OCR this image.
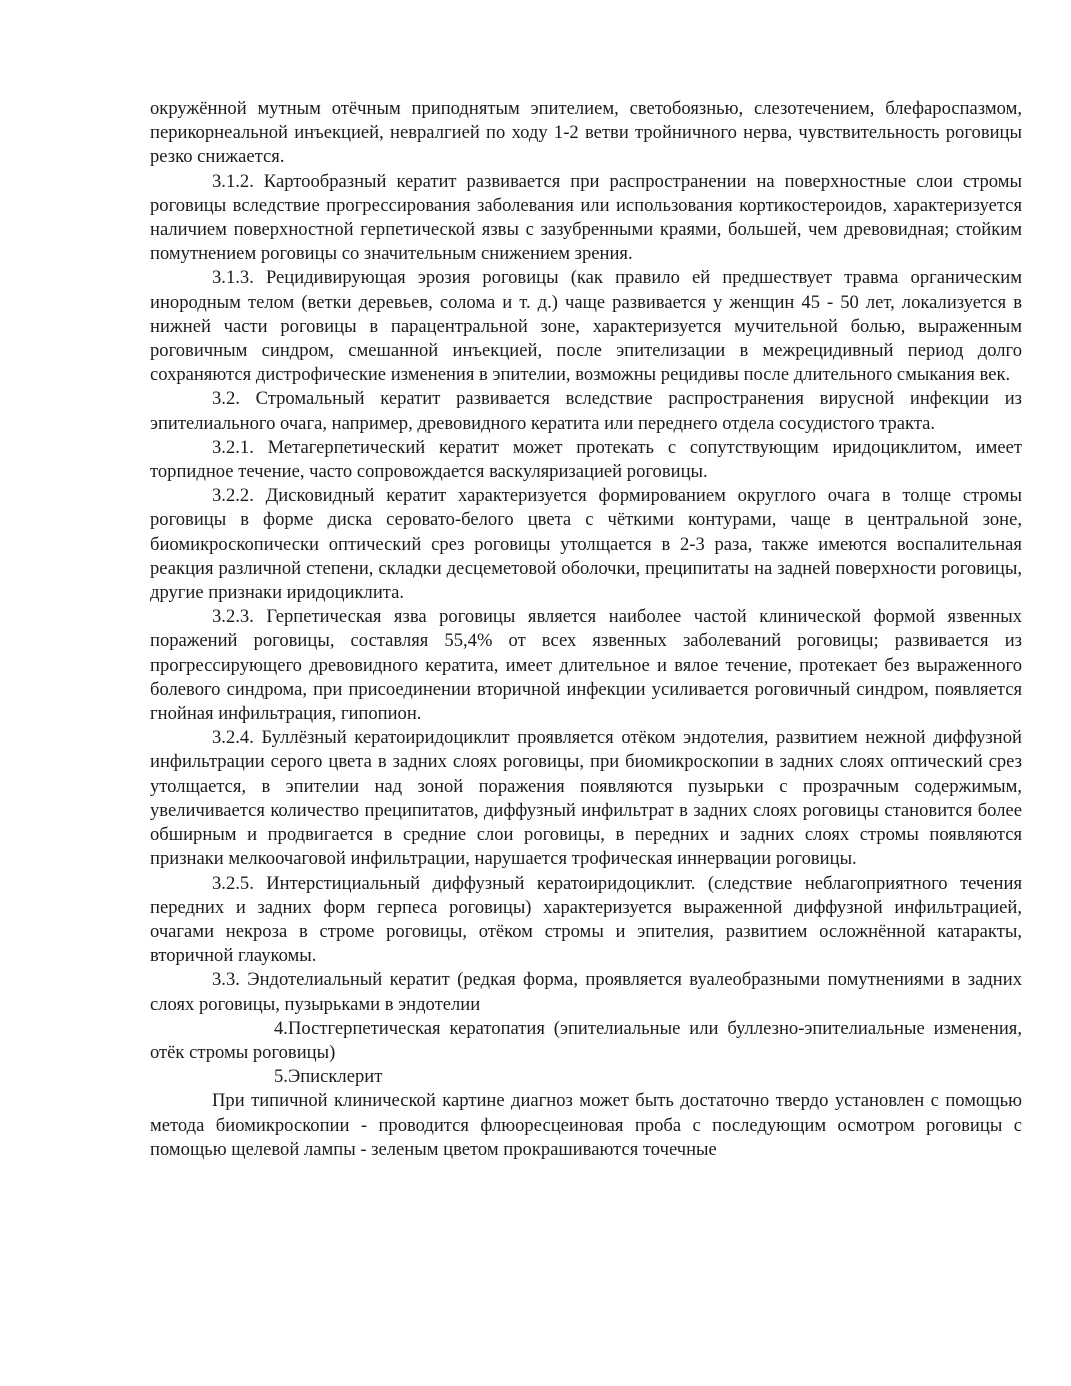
окружённой мутным отёчным приподнятым эпителием, светобоязнью, слезотечением, блефароспазмом, перикорнеальной инъекцией, невралгией по ходу 1-2 ветви тройничного нерва, чувствительность роговицы резко снижается.

3.1.2. Картообразный кератит развивается при распространении на поверхностные слои стромы роговицы вследствие прогрессирования заболевания или использования кортикостероидов, характеризуется наличием поверхностной герпетической язвы с зазубренными краями, большей, чем древовидная; стойким помутнением роговицы со значительным снижением зрения.

3.1.3. Рецидивирующая эрозия роговицы (как правило ей предшествует травма органическим инородным телом (ветки деревьев, солома и т. д.) чаще развивается у женщин 45 - 50 лет, локализуется в нижней части роговицы в парацентральной зоне, характеризуется мучительной болью, выраженным роговичным синдром, смешанной инъекцией, после эпителизации в межрецидивный период долго сохраняются дистрофические изменения в эпителии, возможны рецидивы после длительного смыкания век.

3.2. Стромальный кератит развивается вследствие распространения вирусной инфекции из эпителиального очага, например, древовидного кератита или переднего отдела сосудистого тракта.

3.2.1. Метагерпетический кератит может протекать с сопутствующим иридоциклитом, имеет торпидное течение, часто сопровождается васкуляризацией роговицы.

3.2.2. Дисковидный кератит характеризуется формированием округлого очага в толще стромы роговицы в форме диска серовато-белого цвета с чёткими контурами, чаще в центральной зоне, биомикроскопически оптический срез роговицы утолщается в 2-3 раза, также имеются воспалительная реакция различной степени, складки десцеметовой оболочки, преципитаты на задней поверхности роговицы, другие признаки иридоциклита.

3.2.3. Герпетическая язва роговицы является наиболее частой клинической формой язвенных поражений роговицы, составляя 55,4% от всех язвенных заболеваний роговицы; развивается из прогрессирующего древовидного кератита, имеет длительное и вялое течение, протекает без выраженного болевого синдрома, при присоединении вторичной инфекции усиливается роговичный синдром, появляется гнойная инфильтрация, гипопион.

3.2.4. Буллёзный кератоиридоциклит проявляется отёком эндотелия, развитием нежной диффузной инфильтрации серого цвета в задних слоях роговицы, при биомикроскопии в задних слоях оптический срез утолщается, в эпителии над зоной поражения появляются пузырьки с прозрачным содержимым, увеличивается количество преципитатов, диффузный инфильтрат в задних слоях роговицы становится более обширным и продвигается в средние слои роговицы, в передних и задних слоях стромы появляются признаки мелкоочаговой инфильтрации, нарушается трофическая иннервации роговицы.

3.2.5. Интерстициальный диффузный кератоиридоциклит. (следствие неблагоприятного течения передних и задних форм герпеса роговицы) характеризуется выраженной диффузной инфильтрацией, очагами некроза в строме роговицы, отёком стромы и эпителия, развитием осложнённой катаракты, вторичной глаукомы.

3.3. Эндотелиальный кератит (редкая форма, проявляется вуалеобразными помутнениями в задних слоях роговицы, пузырьками в эндотелии

4.Постгерпетическая кератопатия (эпителиальные или буллезно-эпителиальные изменения, отёк стромы роговицы)

5.Эписклерит

При типичной клинической картине диагноз может быть достаточно твердо установлен с помощью метода биомикроскопии - проводится флюоресцеиновая проба с последующим осмотром роговицы с помощью щелевой лампы - зеленым цветом прокрашиваются точечные
